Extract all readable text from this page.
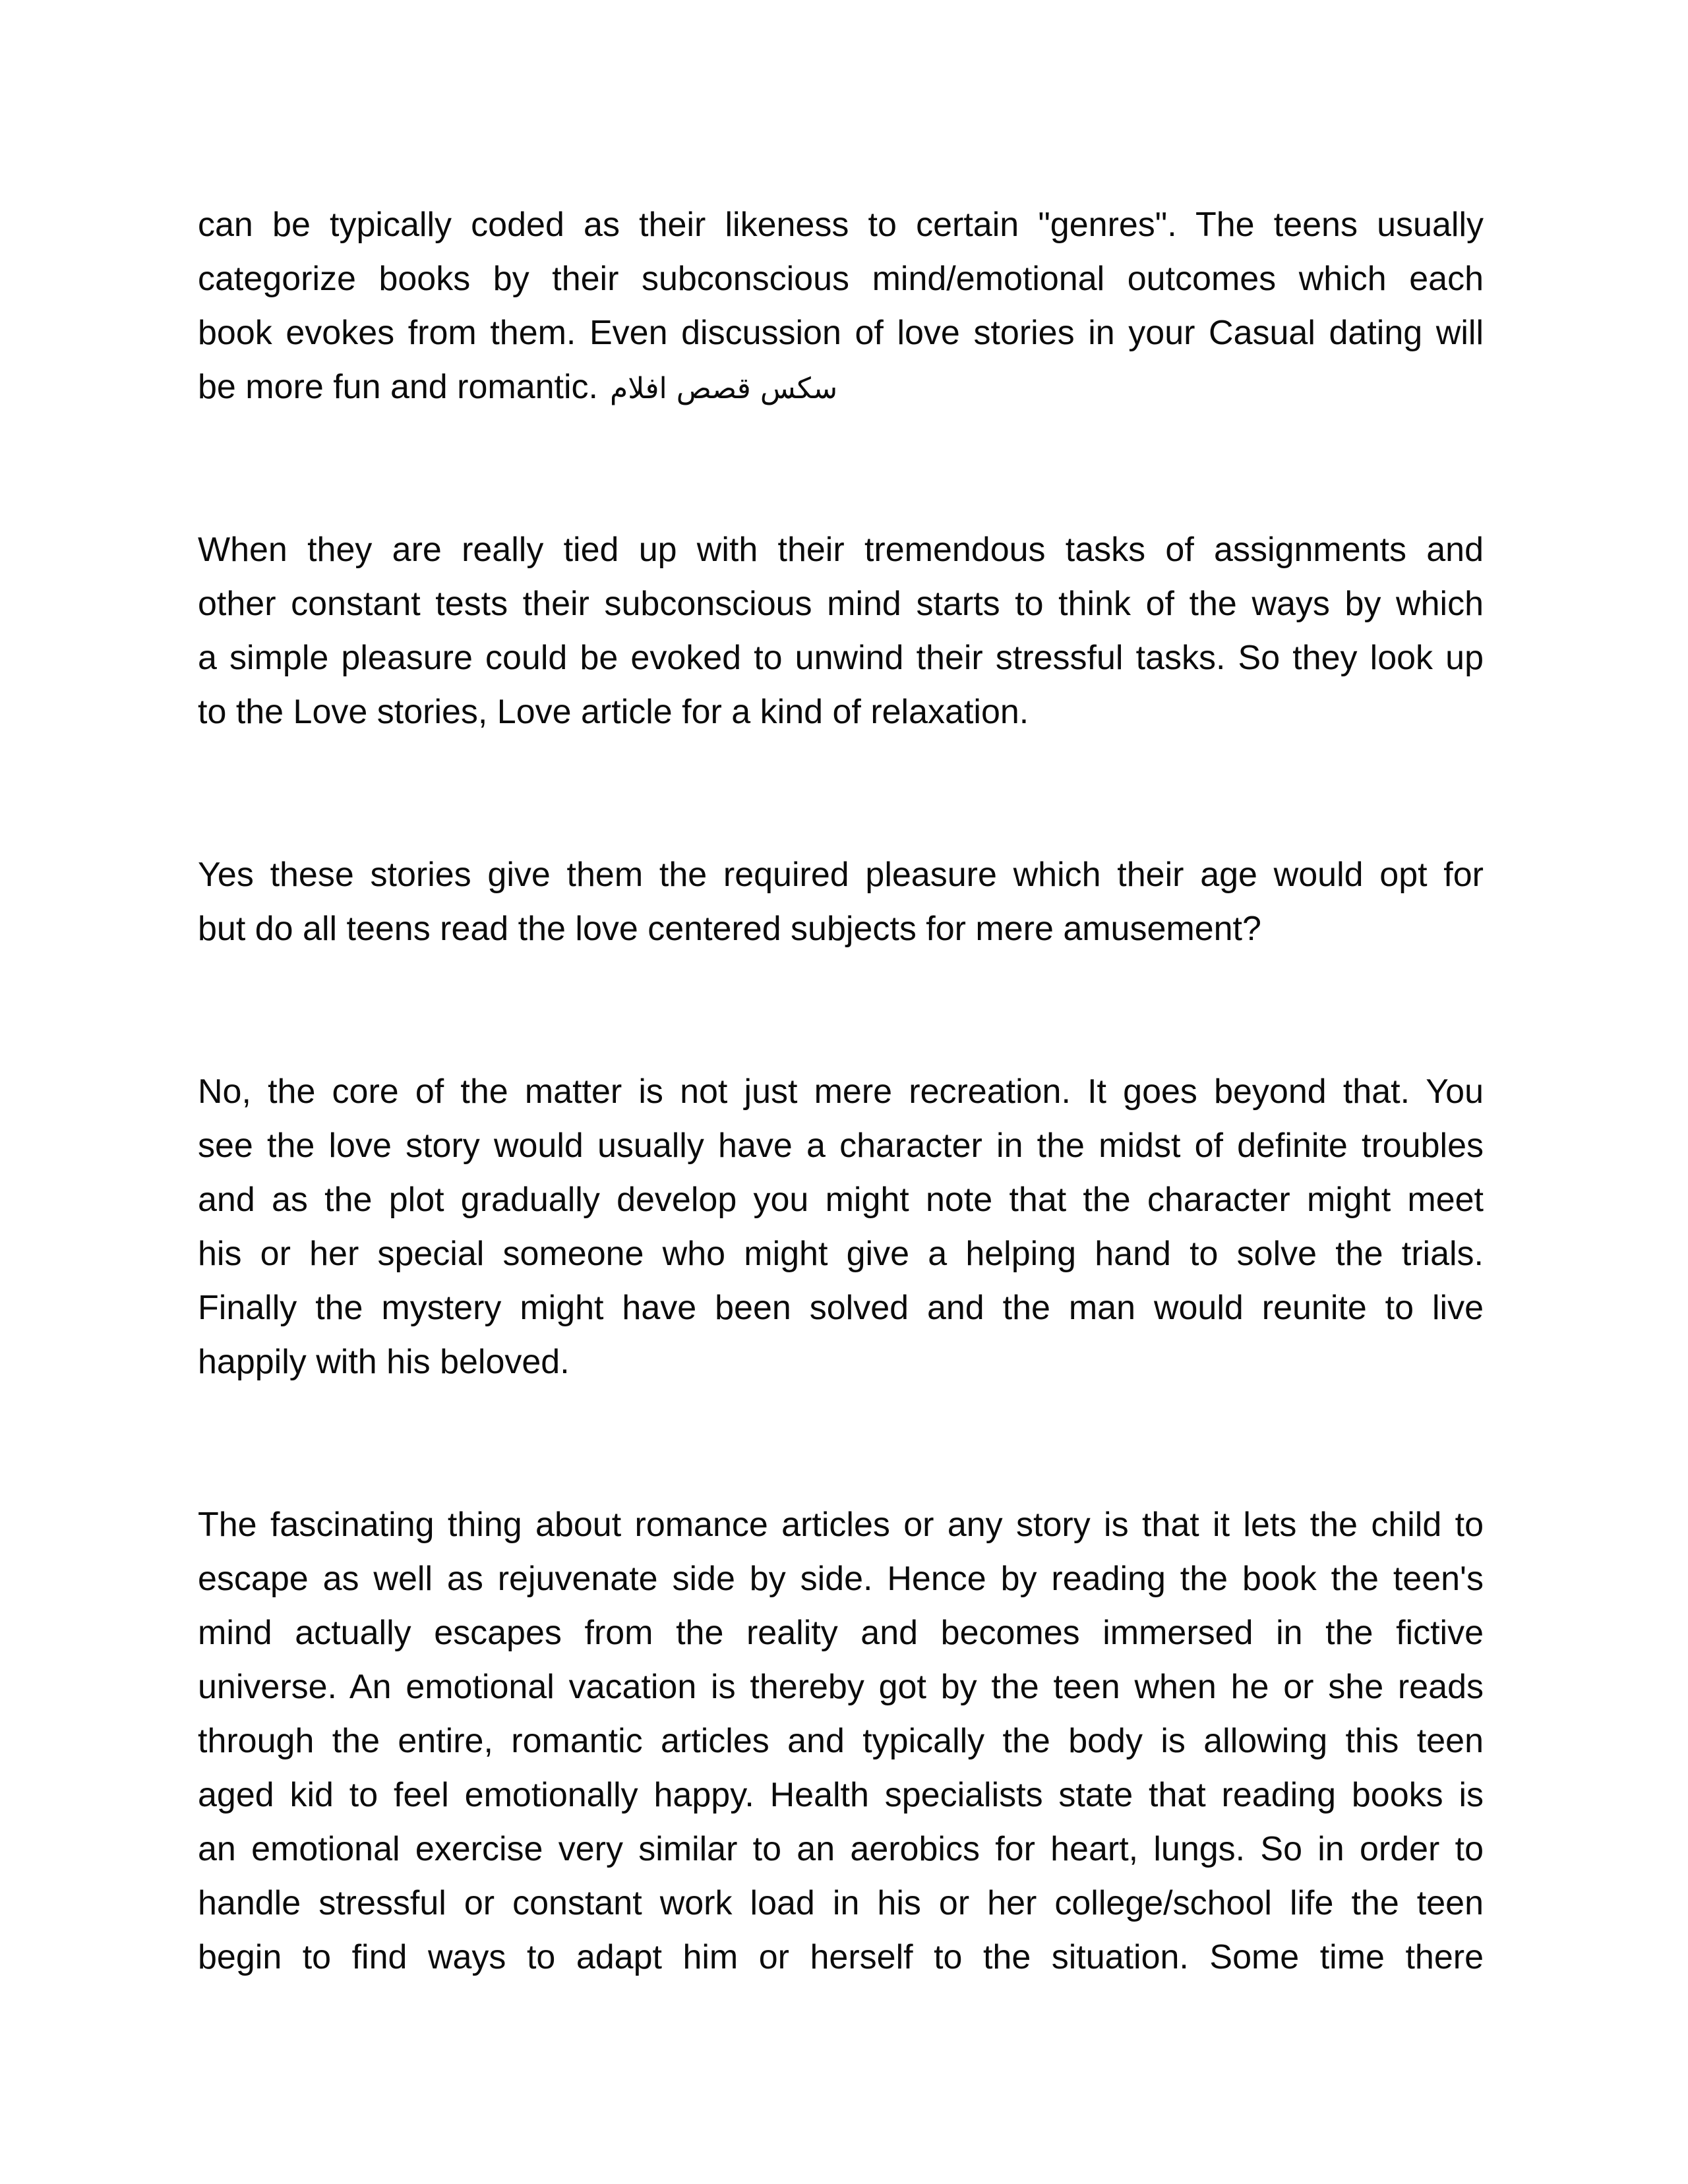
can be typically coded as their likeness to certain "genres". The teens usually
categorize books by their subconscious mind/emotional outcomes which each
book evokes from them. Even discussion of love stories in your Casual dating will
be more fun and romantic. سكس قصص افلام
When they are really tied up with their tremendous tasks of assignments and
other constant tests their subconscious mind starts to think of the ways by which
a simple pleasure could be evoked to unwind their stressful tasks. So they look up
to the Love stories, Love article for a kind of relaxation.
Yes these stories give them the required pleasure which their age would opt for
but do all teens read the love centered subjects for mere amusement?
No, the core of the matter is not just mere recreation. It goes beyond that. You
see the love story would usually have a character in the midst of definite troubles
and as the plot gradually develop you might note that the character might meet
his or her special someone who might give a helping hand to solve the trials.
Finally the mystery might have been solved and the man would reunite to live
happily with his beloved.
The fascinating thing about romance articles or any story is that it lets the child to
escape as well as rejuvenate side by side. Hence by reading the book the teen's
mind actually escapes from the reality and becomes immersed in the fictive
universe. An emotional vacation is thereby got by the teen when he or she reads
through the entire, romantic articles and typically the body is allowing this teen
aged kid to feel emotionally happy. Health specialists state that reading books is
an emotional exercise very similar to an aerobics for heart, lungs. So in order to
handle stressful or constant work load in his or her college/school life the teen
begin to find ways to adapt him or herself to the situation. Some time there
